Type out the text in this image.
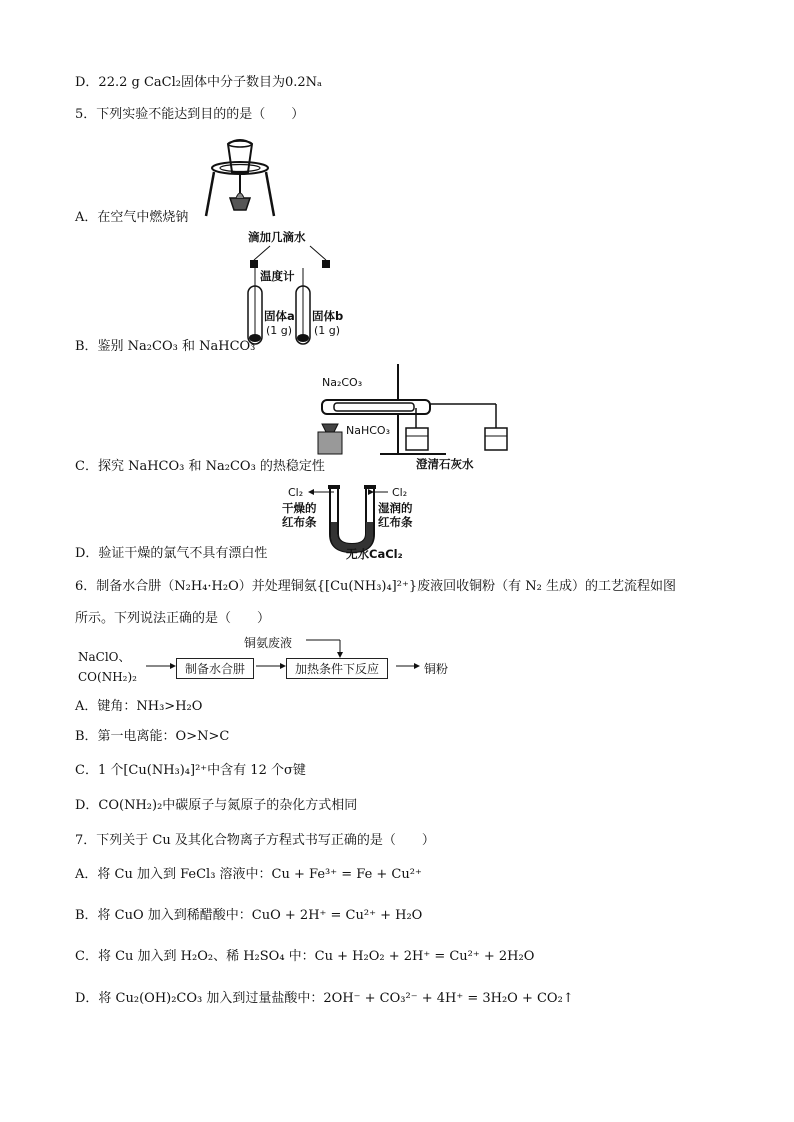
D．22.2 g CaCl₂固体中分子数目为0.2Nₐ
5．下列实验不能达到目的的是（　　）
A．在空气中燃烧钠
滴加几滴水
温度计
固体a
(1 g)
固体b
(1 g)
B．鉴别 Na₂CO₃ 和 NaHCO₃
Na₂CO₃
NaHCO₃
澄清石灰水
C．探究 NaHCO₃ 和 Na₂CO₃ 的热稳定性
Cl₂	Cl₂
干燥的
红布条
湿润的
红布条
无水CaCl₂
D．验证干燥的氯气不具有漂白性
6．制备水合肼（N₂H₄·H₂O）并处理铜氨{[Cu(NH₃)₄]²⁺}废液回收铜粉（有 N₂ 生成）的工艺流程如图
所示。下列说法正确的是（　　）
NaClO、
CO(NH₂)₂
制备水合肼
铜氨废液
加热条件下反应	铜粉
A．键角：NH₃>H₂O
B．第一电离能：O>N>C
C．1 个[Cu(NH₃)₄]²⁺中含有 12 个σ键
D．CO(NH₂)₂中碳原子与氮原子的杂化方式相同
7．下列关于 Cu 及其化合物离子方程式书写正确的是（　　）
A．将 Cu 加入到 FeCl₃ 溶液中：Cu + Fe³⁺ = Fe + Cu²⁺
B．将 CuO 加入到稀醋酸中：CuO + 2H⁺ = Cu²⁺ + H₂O
C．将 Cu 加入到 H₂O₂、稀 H₂SO₄ 中：Cu + H₂O₂ + 2H⁺ = Cu²⁺ + 2H₂O
D．将 Cu₂(OH)₂CO₃ 加入到过量盐酸中：2OH⁻ + CO₃²⁻ + 4H⁺ = 3H₂O + CO₂↑
